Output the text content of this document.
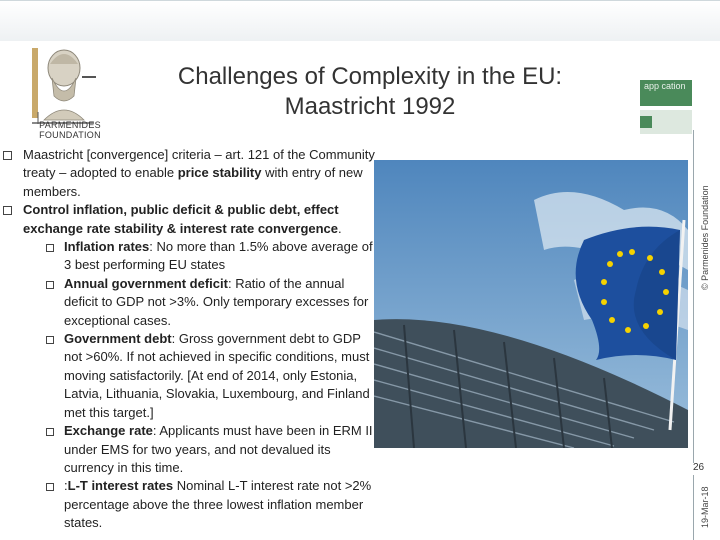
PARMENIDES
FOUNDATION
Challenges of Complexity in the EU:
Maastricht 1992
app cation
© Parmenides Foundation
26
19-Mar-18

Maastricht [convergence] criteria – art. 121 of the Community treaty – adopted to enable price stability with entry of new members.

Control inflation, public deficit & public debt, effect exchange rate stability & interest rate convergence.

Inflation rates: No more than 1.5% above average of 3 best performing EU states

Annual government deficit: Ratio of the annual deficit to GDP not >3%. Only temporary excesses for exceptional cases.

Government debt: Gross government debt to GDP not >60%. If not achieved in specific conditions, must moving satisfactorily. [At end of 2014, only Estonia, Latvia, Lithuania, Slovakia, Luxembourg, and Finland met this target.]

Exchange rate: Applicants must have been in ERM II under EMS for two years, and not devalued its currency in this time.

:L-T interest rates Nominal L-T interest rate not >2% percentage above the three lowest inflation member states.
